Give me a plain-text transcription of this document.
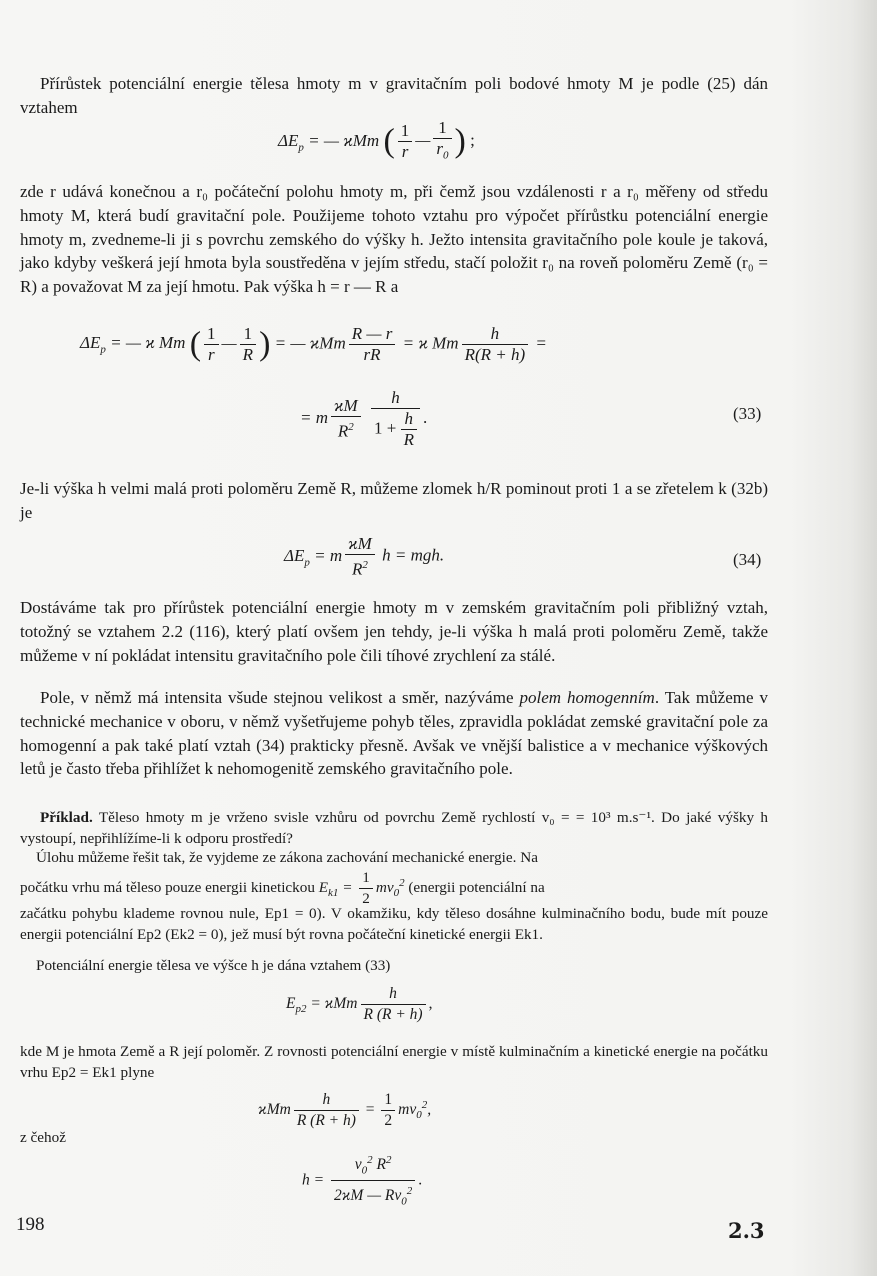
Přírůstek potenciální energie tělesa hmoty m v gravitačním poli bodové hmoty M je podle (25) dán vztahem

$\Delta E_p$ = — ϰMm ( $\frac{1}{r}$ — $\frac{1}{r_0}$ ) ;

zde r udává konečnou a r₀ počáteční polohu hmoty m, při čemž jsou vzdálenosti r a r₀ měřeny od středu hmoty M, která budí gravitační pole. Použijeme tohoto vztahu pro výpočet přírůstku potenciální energie hmoty m, zvedneme-li ji s povrchu zemského do výšky h. Ježto intensita gravitačního pole koule je taková, jako kdyby veškerá její hmota byla soustředěna v jejím středu, stačí položit r₀ na roveň poloměru Země (r₀ = R) a považovat M za její hmotu. Pak výška h = r — R a

$\Delta E_p$ = — ϰ Mm ( $\frac{1}{r}$ — $\frac{1}{R}$ ) = — ϰMm $\frac{R — r}{rR} = ϰ$ Mm $\frac{h}{R(R + h)}$ =
= m $\frac{ϰM}{R^2}$
$\frac{h}{1 + \frac{h}{R}}$ .	(33)

Je-li výška h velmi malá proti poloměru Země R, můžeme zlomek h/R pominout proti 1 a se zřetelem k (32b) je

$\Delta E_p = m \frac{ϰM}{R^2}$ h = mgh.	(34)

Dostáváme tak pro přírůstek potenciální energie hmoty m v zemském gravitačním poli přibližný vztah, totožný se vztahem 2.2 (116), který platí ovšem jen tehdy, je-li výška h malá proti poloměru Země, takže můžeme v ní pokládat intensitu gravitačního pole čili tíhové zrychlení za stálé.

Pole, v němž má intensita všude stejnou velikost a směr, nazýváme polem homogenním. Tak můžeme v technické mechanice v oboru, v němž vyšetřujeme pohyb těles, zpravidla pokládat zemské gravitační pole za homogenní a pak také platí vztah (34) prakticky přesně. Avšak ve vnější balistice a v mechanice výškových letů je často třeba přihlížet k nehomogenitě zemského gravitačního pole.

Příklad. Těleso hmoty m je vrženo svisle vzhůru od povrchu Země rychlostí v₀ = = 10³ m.s⁻¹. Do jaké výšky h vystoupí, nepřihlížíme-li k odporu prostředí?

Úlohu můžeme řešit tak, že vyjdeme ze zákona zachování mechanické energie. Na

počátku vrhu má těleso pouze energii kinetickou $E_{k1} = \frac{1}{2} mv_0^2$ (energii potenciální na

začátku pohybu klademe rovnou nule, Ep1 = 0). V okamžiku, kdy těleso dosáhne kulminačního bodu, bude mít pouze energii potenciální Ep2 (Ek2 = 0), jež musí být rovna počáteční kinetické energii Ek1.

Potenciální energie tělesa ve výšce h je dána vztahem (33)

$E_{p2} = ϰMm \frac{h}{R (R + h)}$ ,

kde M je hmota Země a R její poloměr. Z rovnosti potenciální energie v místě kulminačním a kinetické energie na počátku vrhu Ep2 = Ek1 plyne

ϰMm $\frac{h}{R (R + h)} = \frac{1}{2} mv_0^2$,

z čehož

$h = \frac{v_0^2 R^2}{2ϰM — Rv_0^2}$ .
198	2.3
